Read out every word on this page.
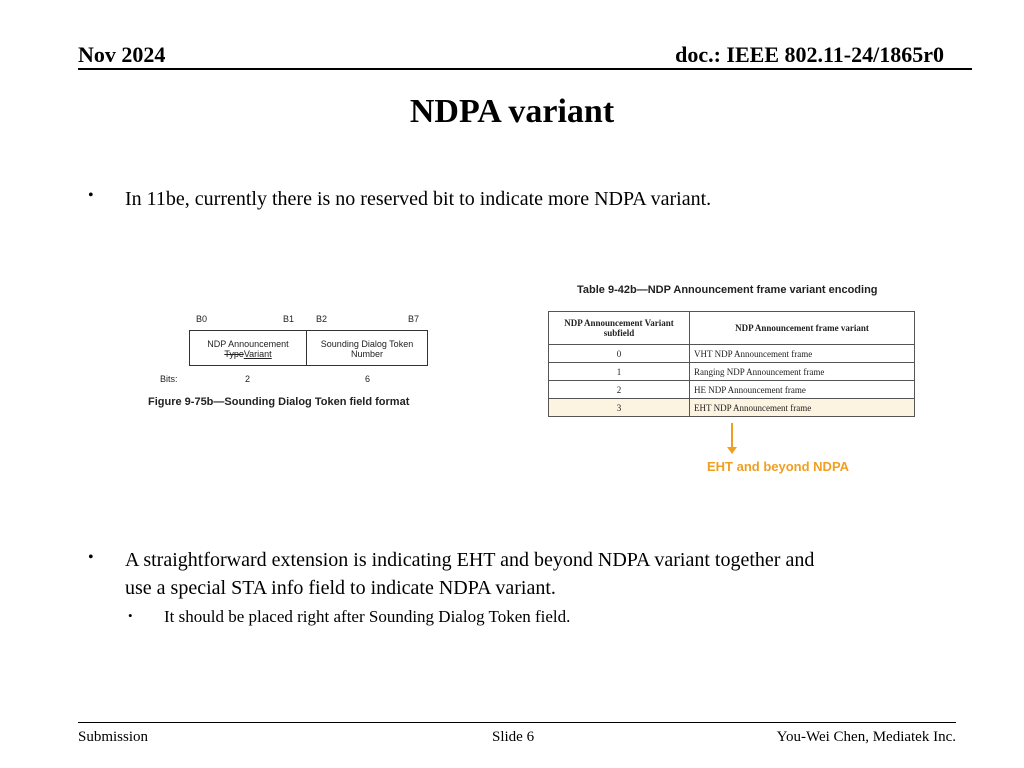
Nov 2024	doc.: IEEE 802.11-24/1865r0
NDPA variant
• In 11be, currently there is no reserved bit to indicate more NDPA variant.
B0	B1 B2	B7
NDP Announcement
TypeVariant
Sounding Dialog Token
Number
Bits:	2	6
Figure 9-75b—Sounding Dialog Token field format
Table 9-42b—NDP Announcement frame variant encoding
NDP Announcement Variant subfield	NDP Announcement frame variant
0	VHT NDP Announcement frame
1	Ranging NDP Announcement frame
2	HE NDP Announcement frame
3	EHT NDP Announcement frame
EHT and beyond NDPA
• A straightforward extension is indicating EHT and beyond NDPA variant together and
use a special STA info field to indicate NDPA variant.
• It should be placed right after Sounding Dialog Token field.
Submission	Slide 6	You-Wei Chen, Mediatek Inc.
